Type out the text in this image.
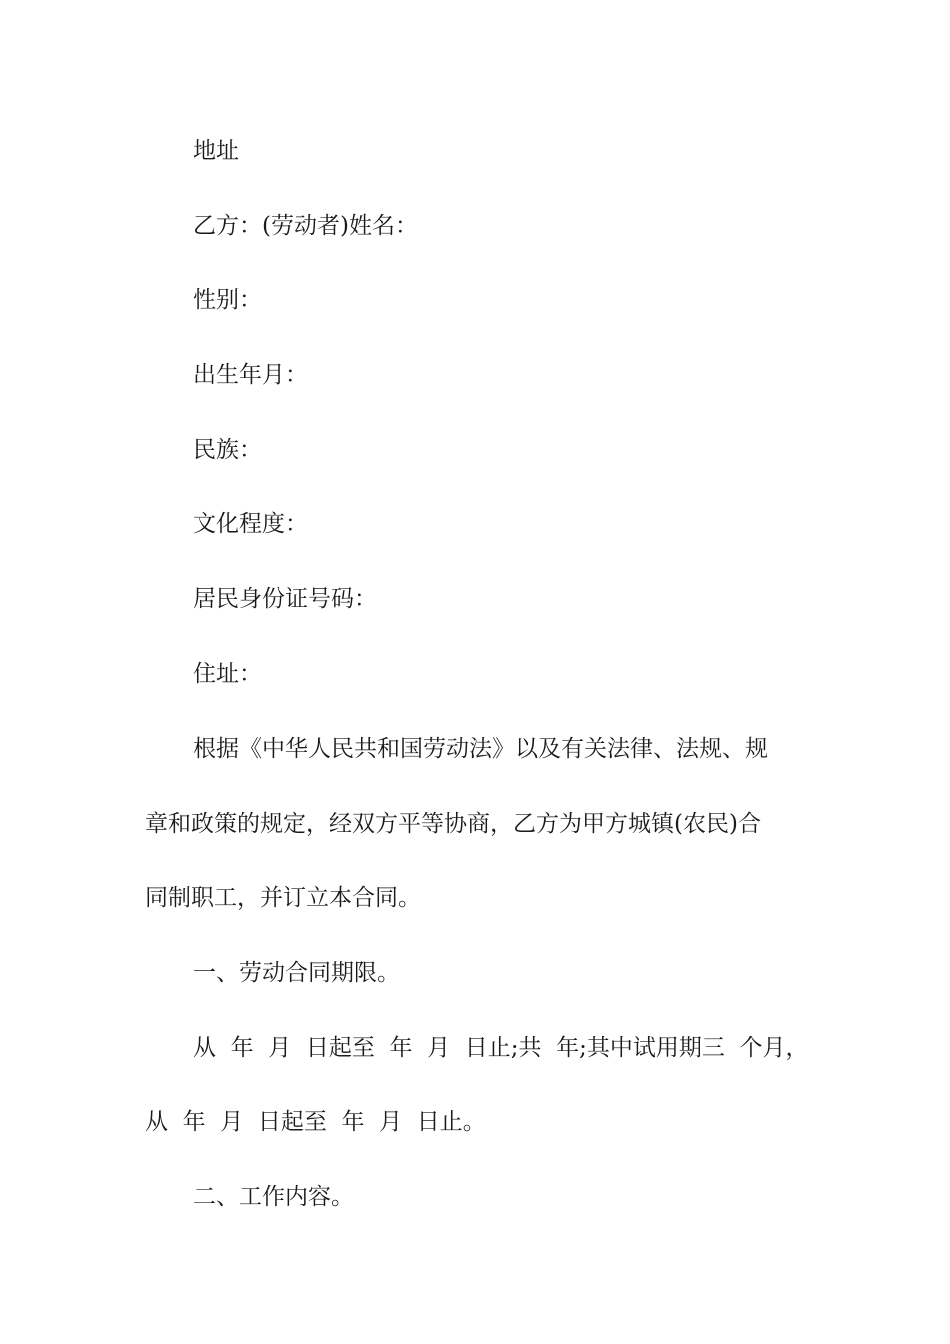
地址
乙方：(劳动者)姓名：
性别：
出生年月：
民族：
文化程度：
居民身份证号码：
住址：
根据《中华人民共和国劳动法》以及有关法律、法规、规
章和政策的规定，经双方平等协商，乙方为甲方城镇(农民)合
同制职工，并订立本合同。
一、劳动合同期限。
从  年  月  日起至  年  月  日止;共  年;其中试用期三  个月，
从  年  月  日起至  年  月  日止。
二、工作内容。
